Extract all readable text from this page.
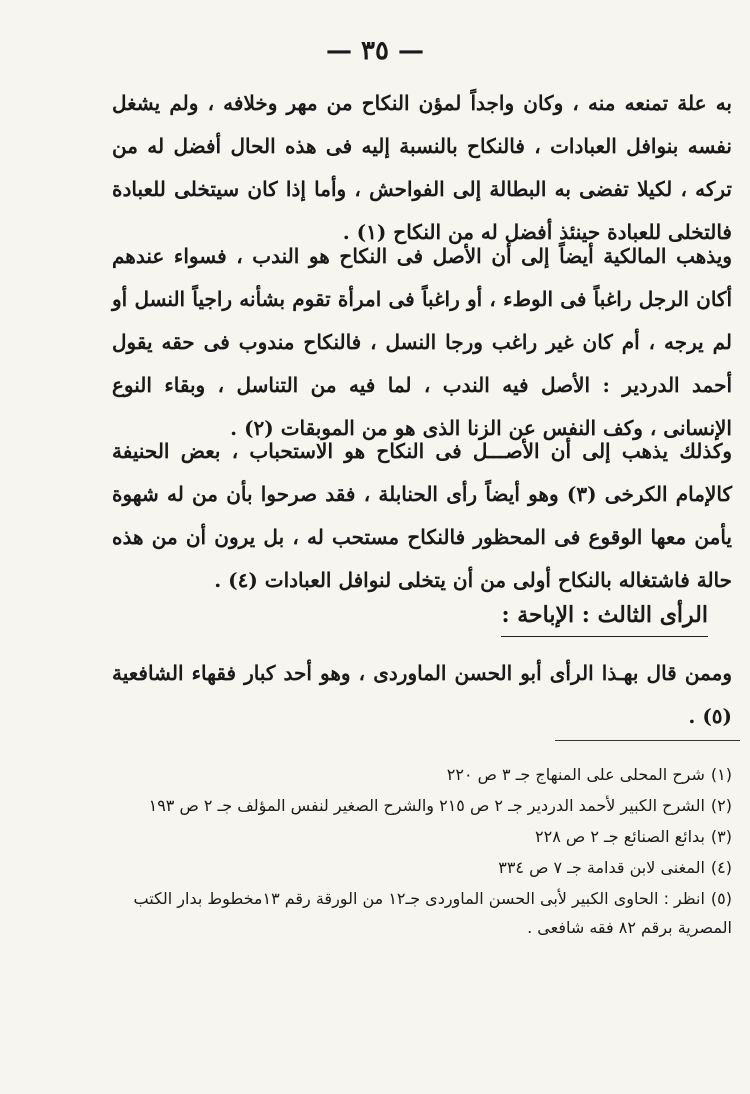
— ٣٥ —

به علة تمنعه منه ، وكان واجداً لمؤن النكاح من مهر وخلافه ، ولم يشغل نفسه بنوافل العبادات ، فالنكاح بالنسبة إليه فى هذه الحال أفضل له من تركه ، لكيلا تفضى به البطالة إلى الفواحش ، وأما إذا كان سيتخلى للعبادة فالتخلى للعبادة حينئذ أفضل له من النكاح (١) .

ويذهب المالكية أيضاً إلى أن الأصل فى النكاح هو الندب ، فسواء عندهم أكان الرجل راغباً فى الوطء ، أو راغباً فى امرأة تقوم بشأنه راجياً النسل أو لم يرجه ، أم كان غير راغب ورجا النسل ، فالنكاح مندوب فى حقه يقول أحمد الدردير : الأصل فيه الندب ، لما فيه من التناسل ، وبقاء النوع الإنسانى ، وكف النفس عن الزنا الذى هو من الموبقات (٢) .

وكذلك يذهب إلى أن الأصـــل فى النكاح هو الاستحباب ، بعض الحنيفة كالإمام الكرخى (٣) وهو أيضاً رأى الحنابلة ، فقد صرحوا بأن من له شهوة يأمن معها الوقوع فى المحظور فالنكاح مستحب له ، بل يرون أن من هذه حالة فاشتغاله بالنكاح أولى من أن يتخلى لنوافل العبادات (٤) .

الرأى الثالث : الإباحة :

وممن قال بهـذا الرأى أبو الحسن الماوردى ، وهو أحد كبار فقهاء الشافعية (٥) .

(١)شرح المحلى على المنهاج جـ ٣ ص ٢٢٠
(٢)الشرح الكبير لأحمد الدردير جـ ٢ ص ٢١٥ والشرح الصغير لنفس المؤلف جـ ٢ ص ١٩٣
(٣)بدائع الصنائع جـ ٢ ص ٢٢٨
(٤)المغنى لابن قدامة جـ ٧ ص ٣٣٤
(٥)انظر : الحاوى الكبير لأبى الحسن الماوردى جـ١٢ من الورقة رقم ١٣مخطوط بدار الكتب المصرية برقم ٨٢ فقه شافعى .
